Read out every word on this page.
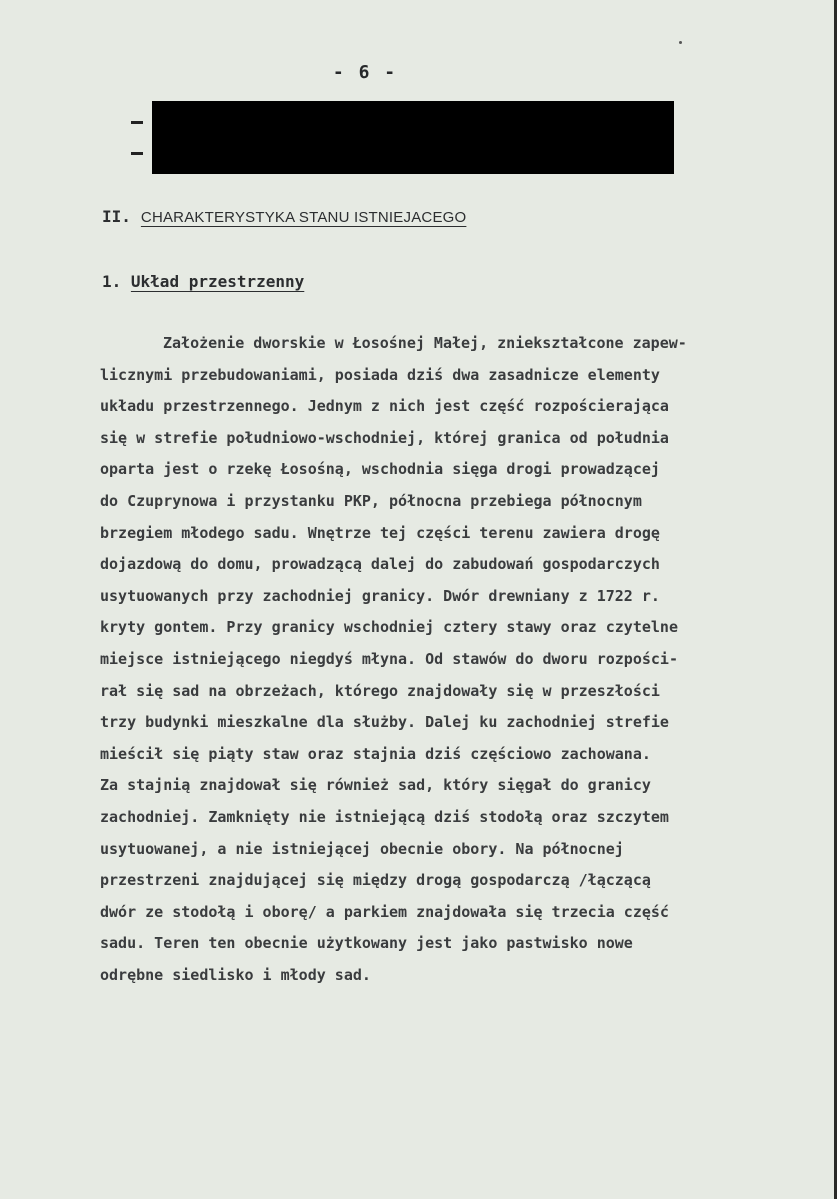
- 6 -
II. CHARAKTERYSTYKA STANU ISTNIEJACEGO
1. Układ przestrzenny
Założenie dworskie w Łosośnej Małej, zniekształcone zapew-
licznymi przebudowaniami, posiada dziś dwa zasadnicze elementy
układu przestrzennego. Jednym z nich jest część rozpościerająca
się w strefie południowo-wschodniej, której granica od południa
oparta jest o rzekę Łosośną, wschodnia sięga drogi prowadzącej
do Czuprynowa i przystanku PKP, północna przebiega północnym
brzegiem młodego sadu. Wnętrze tej części terenu zawiera drogę
dojazdową do domu, prowadzącą dalej do zabudowań gospodarczych
usytuowanych przy zachodniej granicy. Dwór drewniany z 1722 r.
kryty gontem. Przy granicy wschodniej cztery stawy oraz czytelne
miejsce istniejącego niegdyś młyna. Od stawów do dworu rozpości-
rał się sad na obrzeżach, którego znajdowały się w przeszłości
trzy budynki mieszkalne dla służby. Dalej ku zachodniej strefie
mieścił się piąty staw oraz stajnia dziś częściowo zachowana.
Za stajnią znajdował się również sad, który sięgał do granicy
zachodniej. Zamknięty nie istniejącą dziś stodołą oraz szczytem
usytuowanej, a nie istniejącej obecnie obory. Na północnej
przestrzeni znajdującej się między drogą gospodarczą /łączącą
dwór ze stodołą i oborę/ a parkiem znajdowała się trzecia część
sadu. Teren ten obecnie użytkowany jest jako pastwisko nowe
odrębne siedlisko i młody sad.
